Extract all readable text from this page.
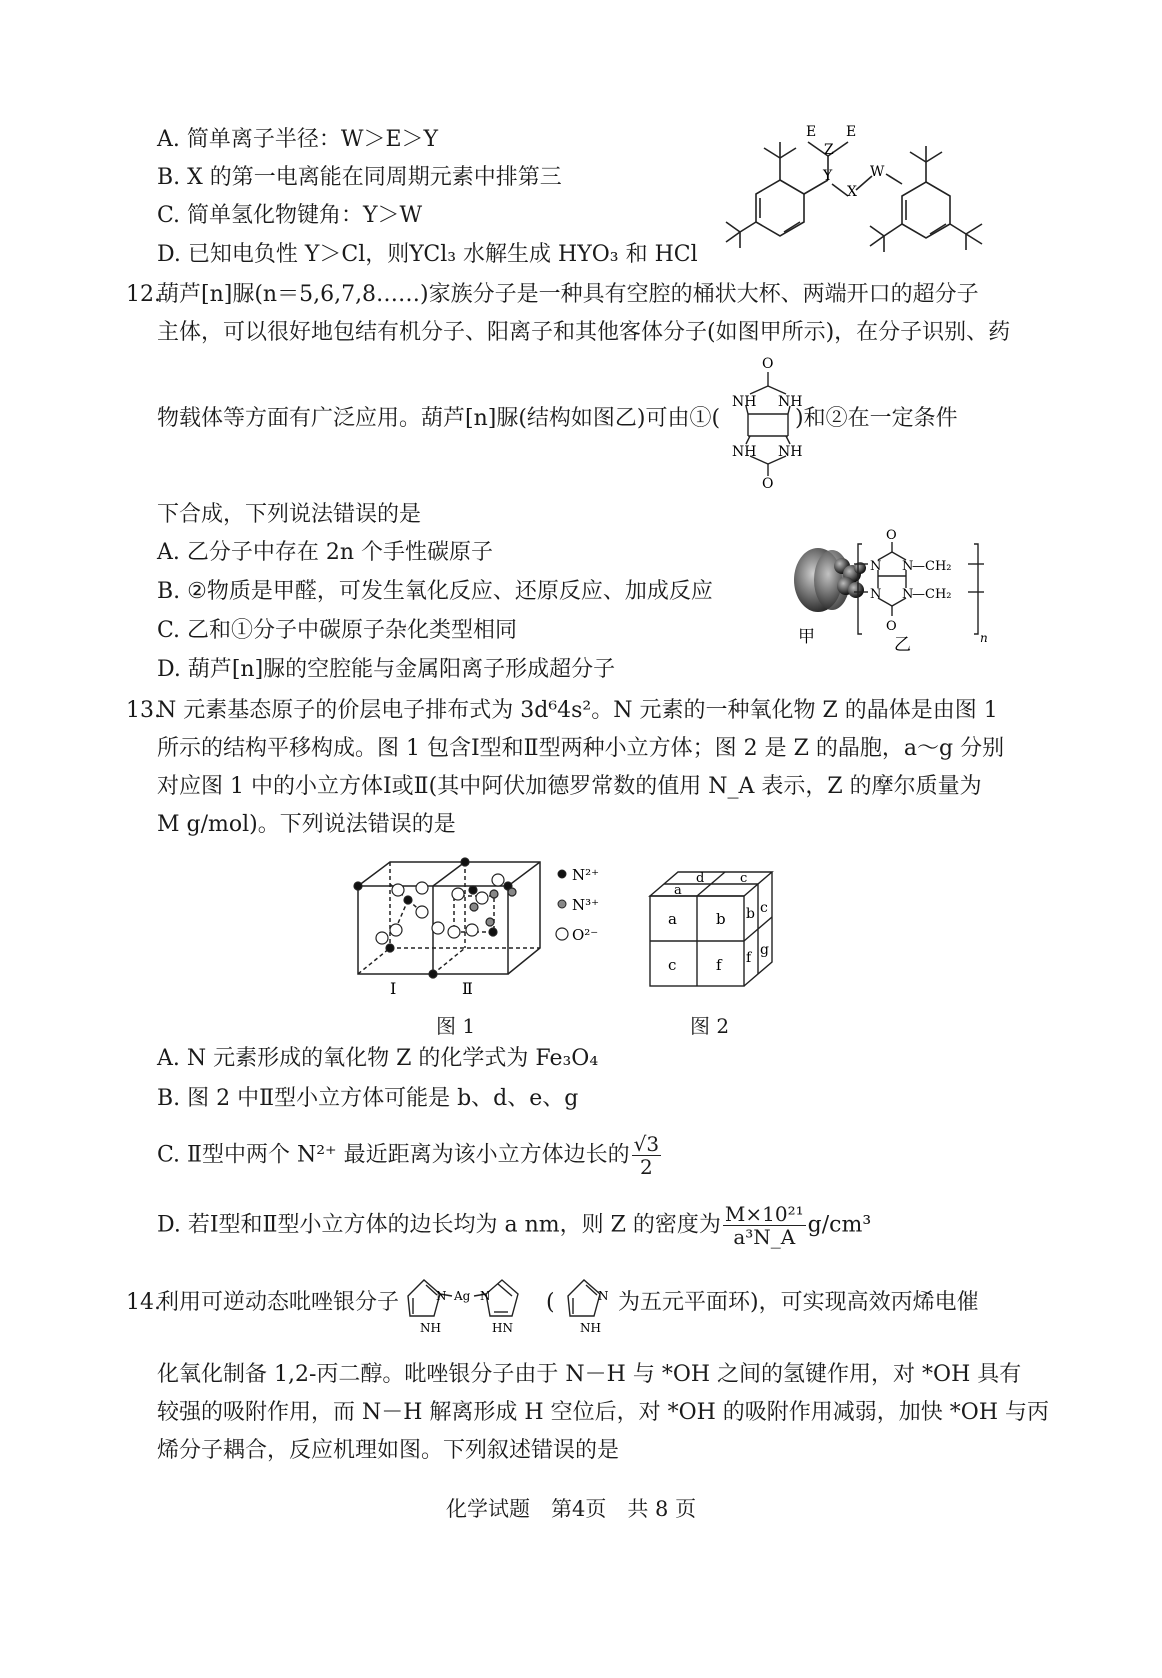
A. 简单离子半径：W＞E＞Y
B. X 的第一电离能在同周期元素中排第三
C. 简单氢化物键角：Y＞W
D. 已知电负性 Y＞Cl，则YCl₃ 水解生成 HYO₃ 和 HCl
E E
Z
Y
X
W
12.
葫芦[n]脲(n＝5,6,7,8……)家族分子是一种具有空腔的桶状大杯、两端开口的超分子
主体，可以很好地包结有机分子、阳离子和其他客体分子(如图甲所示)，在分子识别、药
物载体等方面有广泛应用。葫芦[n]脲(结构如图乙)可由①(	)和②在一定条件
O
NH NH
NH NH
O
下合成，下列说法错误的是
A. 乙分子中存在 2n 个手性碳原子
B. ②物质是甲醛，可发生氧化反应、还原反应、加成反应
C. 乙和①分子中碳原子杂化类型相同
D. 葫芦[n]脲的空腔能与金属阳离子形成超分子
甲
O
N N
—CH₂
N N
—CH₂
O
n
乙
13.
N 元素基态原子的价层电子排布式为 3d⁶4s²。N 元素的一种氧化物 Z 的晶体是由图 1
所示的结构平移构成。图 1 包含Ⅰ型和Ⅱ型两种小立方体；图 2 是 Z 的晶胞，a～g 分别
对应图 1 中的小立方体Ⅰ或Ⅱ(其中阿伏加德罗常数的值用 N_A 表示，Z 的摩尔质量为
M g/mol)。下列说法错误的是
Ⅰ	Ⅱ
N²⁺
N³⁺
O²⁻
a	b b c
c	f f g
a
d	c
图 1	图 2
A. N 元素形成的氧化物 Z 的化学式为 Fe₃O₄
B. 图 2 中Ⅱ型小立方体可能是 b、d、e、g
C. Ⅱ型中两个 N²⁺ 最近距离为该小立方体边长的 $\frac{√3}{2}$
D. 若Ⅰ型和Ⅱ型小立方体的边长均为 a nm，则 Z 的密度为 $\frac{\text{M×10²¹}}{\text{a³N\_A}} g/cm^3$
14.
利用可逆动态吡唑银分子	N Ag N
NH	HN
(	N
NH
为五元平面环)，可实现高效丙烯电催
化氧化制备 1,2-丙二醇。吡唑银分子由于 N－H 与 *OH 之间的氢键作用，对 *OH 具有
较强的吸附作用，而 N－H 解离形成 H 空位后，对 *OH 的吸附作用减弱，加快 *OH 与丙
烯分子耦合，反应机理如图。下列叙述错误的是
化学试题　第4页　共 8 页
